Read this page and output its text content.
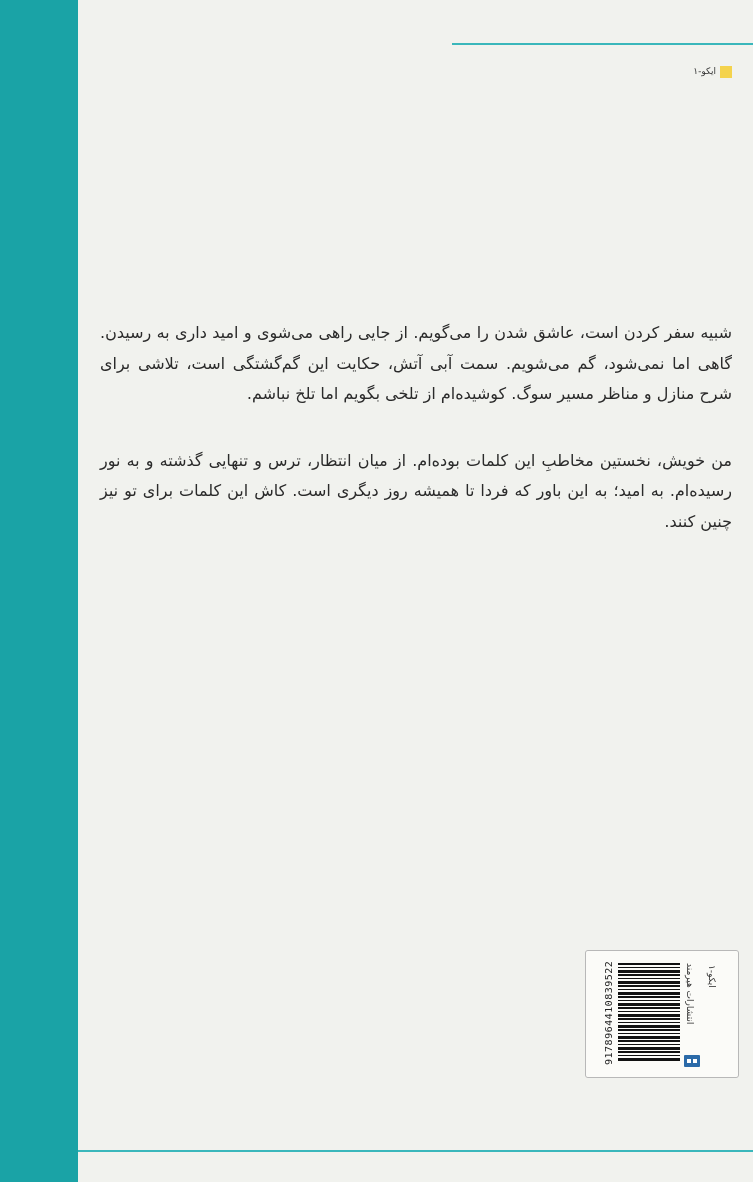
ایکو-۱

شبیه سفر کردن است، عاشق شدن را می‌گویم. از جایی راهی می‌شوی و امید داری به رسیدن. گاهی اما نمی‌شود، گم می‌شویم. سمت آبی آتش، حکایت این گم‌گشتگی است، تلاشی برای شرح منازل و مناظر مسیر سوگ. کوشیده‌ام از تلخی بگویم اما تلخ نباشم.

من خویش، نخستین مخاطبِ این کلمات بوده‌ام. از میان انتظار، ترس و تنهایی گذشته و به نور رسیده‌ام. به امید؛ به این باور که فردا تا همیشه روز دیگری است. کاش این کلمات برای تو نیز چنین کنند.

9178964410839522	انتشارات هیرمند ایکو-۱
